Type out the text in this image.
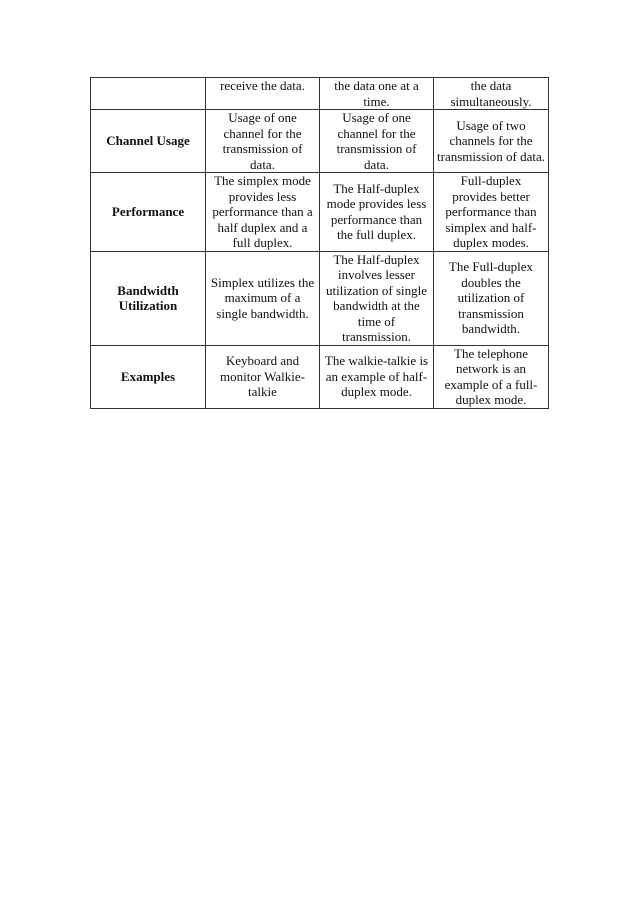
	receive the data.	the data one at a time.	the data simultaneously.
Channel Usage	Usage of one channel for the transmission of data.	Usage of one channel for the transmission of data.	Usage of two channels for the transmission of data.
Performance	The simplex mode provides less performance than a half duplex and a full duplex.	The Half-duplex mode provides less performance than the full duplex.	Full-duplex provides better performance than simplex and half-duplex modes.
Bandwidth Utilization	Simplex utilizes the maximum of a single bandwidth.	The Half-duplex involves lesser utilization of single bandwidth at the time of transmission.	The Full-duplex doubles the utilization of transmission bandwidth.
Examples	Keyboard and monitor Walkie-talkie	The walkie-talkie is an example of half-duplex mode.	The telephone network is an example of a full-duplex mode.
